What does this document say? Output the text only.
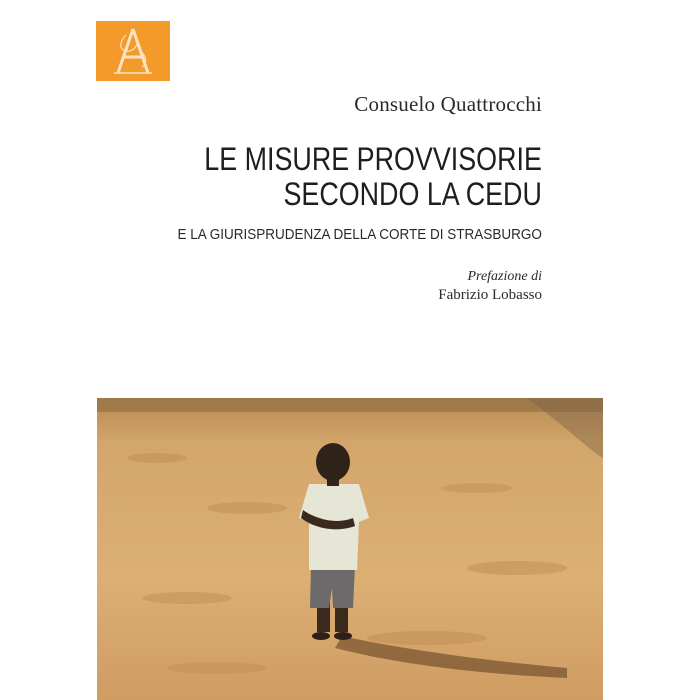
Consuelo Quattrocchi
LE MISURE PROVVISORIE
SECONDO LA CEDU
E LA GIURISPRUDENZA DELLA CORTE DI STRASBURGO
Prefazione di
Fabrizio Lobasso
